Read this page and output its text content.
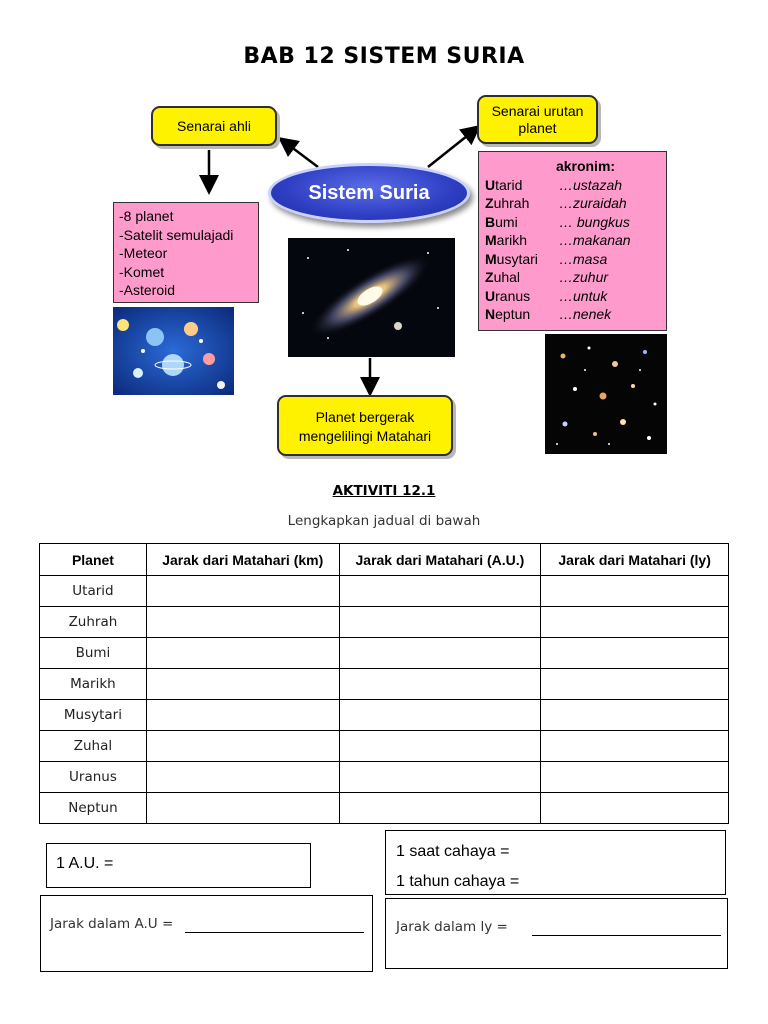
BAB 12 SISTEM SURIA
Senarai ahli
Senarai urutan
planet
Sistem Suria
-8 planet
-Satelit semulajadi
-Meteor
-Komet
-Asteroid
akronim:
Utarid	…ustazah
Zuhrah …zuraidah
Bumi	… bungkus
Marikh …makanan
Musytari …masa
Zuhal	…zuhur
Uranus …untuk
Neptun …nenek
Planet bergerak
mengelilingi Matahari
AKTIVITI 12.1
Lengkapkan jadual di bawah
Planet	Jarak dari Matahari (km)	Jarak dari Matahari (A.U.)	Jarak dari Matahari (ly)
Utarid			
Zuhrah			
Bumi			
Marikh			
Musytari			
Zuhal			
Uranus			
Neptun			
1 A.U. =
1 saat cahaya =
1 tahun cahaya =
Jarak dalam A.U =	Jarak dalam ly =
